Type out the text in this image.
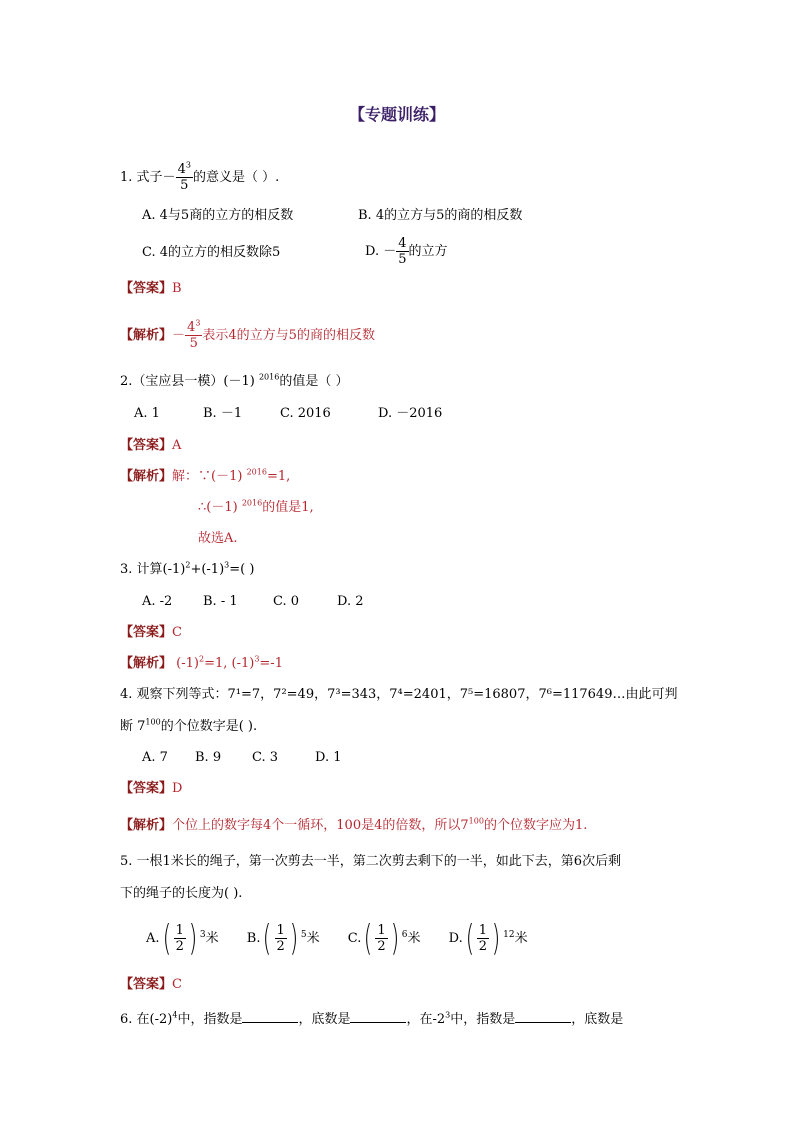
【专题训练】
1. 式子－ $\frac{4^3}{5}$ 的意义是（ ）.
A. 4与5商的立方的相反数	B. 4的立方与5的商的相反数
C. 4的立方的相反数除5	D. － $\frac{4}{5}$ 的立方
【答案】B
【解析】－ $\frac{4^3}{5}$ 表示4的立方与5的商的相反数
2.（宝应县一模）(－1) $^{2016}$的值是（ ）
A. 1	B. －1	C. 2016	D. －2016
【答案】A
【解析】解：∵(－1) $^{2016}$=1,
∴(－1) $^{2016}$的值是1,
故选A.
3. 计算$(-1)^2+(-1)^3=$( )
A. -2 B. - 1	C. 0	D. 2
【答案】C
【解析】 $(-1)^2=1$, $(-1)^3=-1$
4. 观察下列等式：7¹=7，7²=49，7³=343，7⁴=2401，7⁵=16807，7⁶=117649…由此可判
断 $7^{100}$的个位数字是( ).
A. 7 B. 9 C. 3	D. 1
【答案】D
【解析】个位上的数字每4个一循环，100是4的倍数，所以$7^{100}$的个位数字应为1.
5. 一根1米长的绳子，第一次剪去一半，第二次剪去剩下的一半，如此下去，第6次后剩
下的绳子的长度为( ).
$A.( \frac{1}{2}$ ) 3米 $B.( \frac{1}{2}$ ) 5米 $C.( \frac{1}{2}$ ) 6米 $D.( \frac{1}{2}$ ) 12米
【答案】C
6. 在$(-2)^4$中，指数是	，底数是	，在$-2^3$中，指数是	，底数是
